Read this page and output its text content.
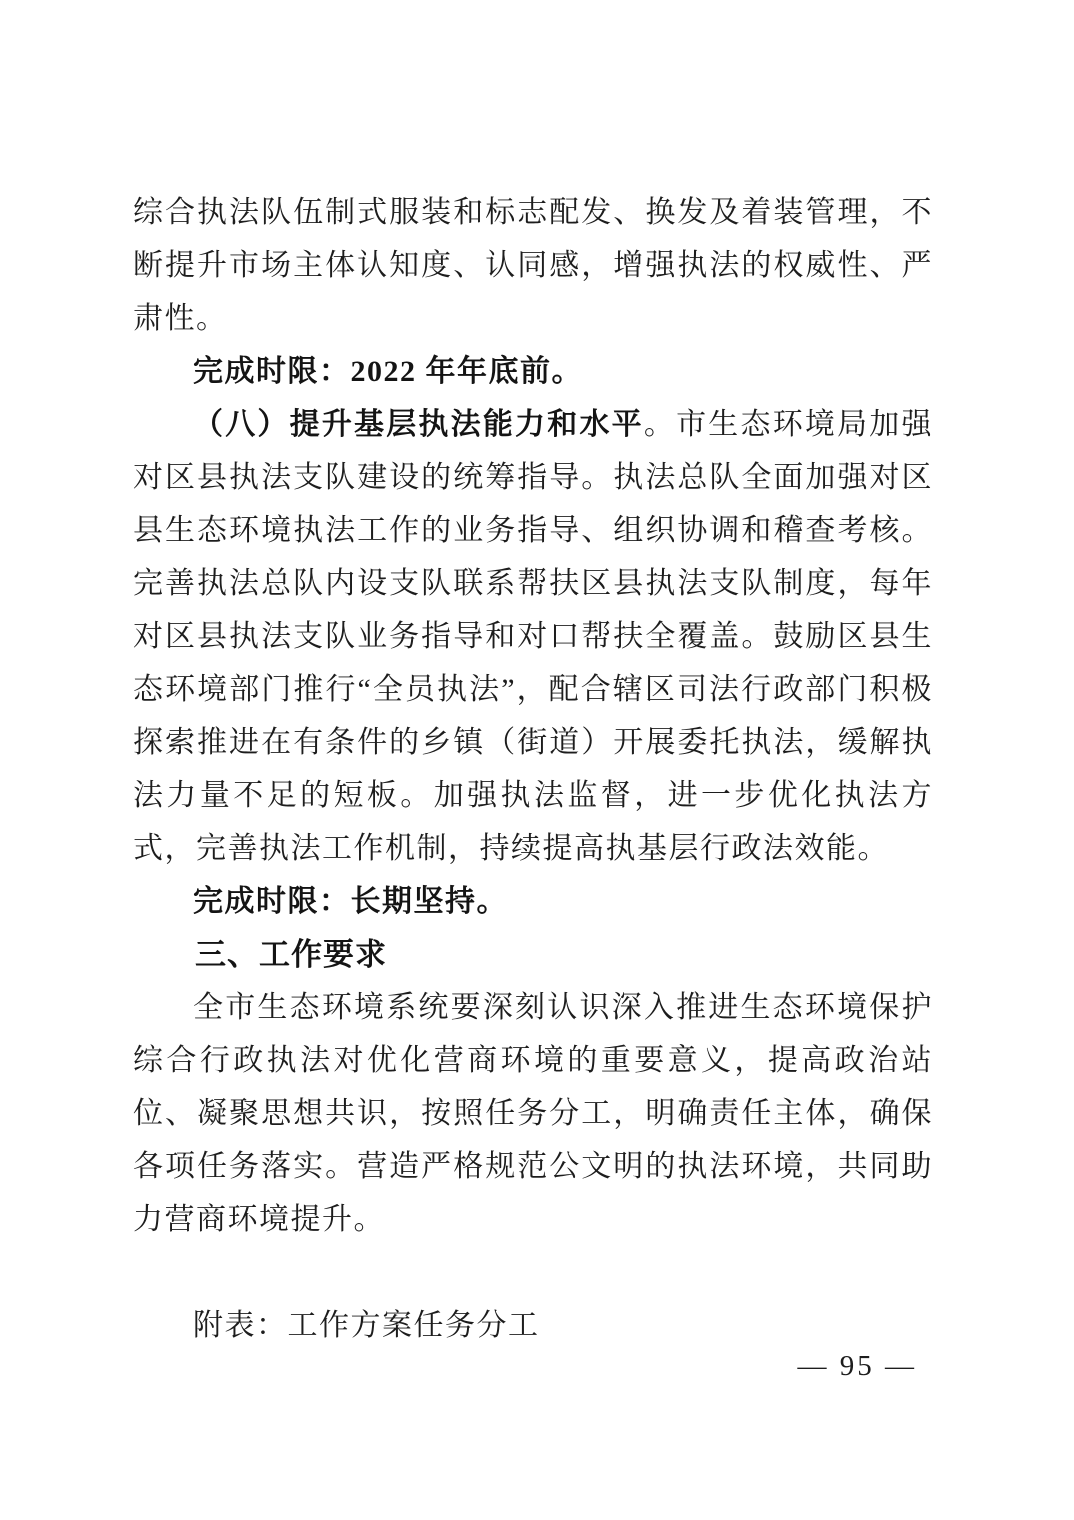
综合执法队伍制式服装和标志配发、换发及着装管理，不断提升市场主体认知度、认同感，增强执法的权威性、严肃性。

完成时限：2022 年年底前。

（八）提升基层执法能力和水平。市生态环境局加强对区县执法支队建设的统筹指导。执法总队全面加强对区县生态环境执法工作的业务指导、组织协调和稽查考核。完善执法总队内设支队联系帮扶区县执法支队制度，每年对区县执法支队业务指导和对口帮扶全覆盖。鼓励区县生态环境部门推行“全员执法”，配合辖区司法行政部门积极探索推进在有条件的乡镇（街道）开展委托执法，缓解执法力量不足的短板。加强执法监督，进一步优化执法方式，完善执法工作机制，持续提高执基层行政法效能。

完成时限：长期坚持。

三、工作要求

全市生态环境系统要深刻认识深入推进生态环境保护综合行政执法对优化营商环境的重要意义，提高政治站位、凝聚思想共识，按照任务分工，明确责任主体，确保各项任务落实。营造严格规范公文明的执法环境，共同助力营商环境提升。

附表：工作方案任务分工

— 95 —
